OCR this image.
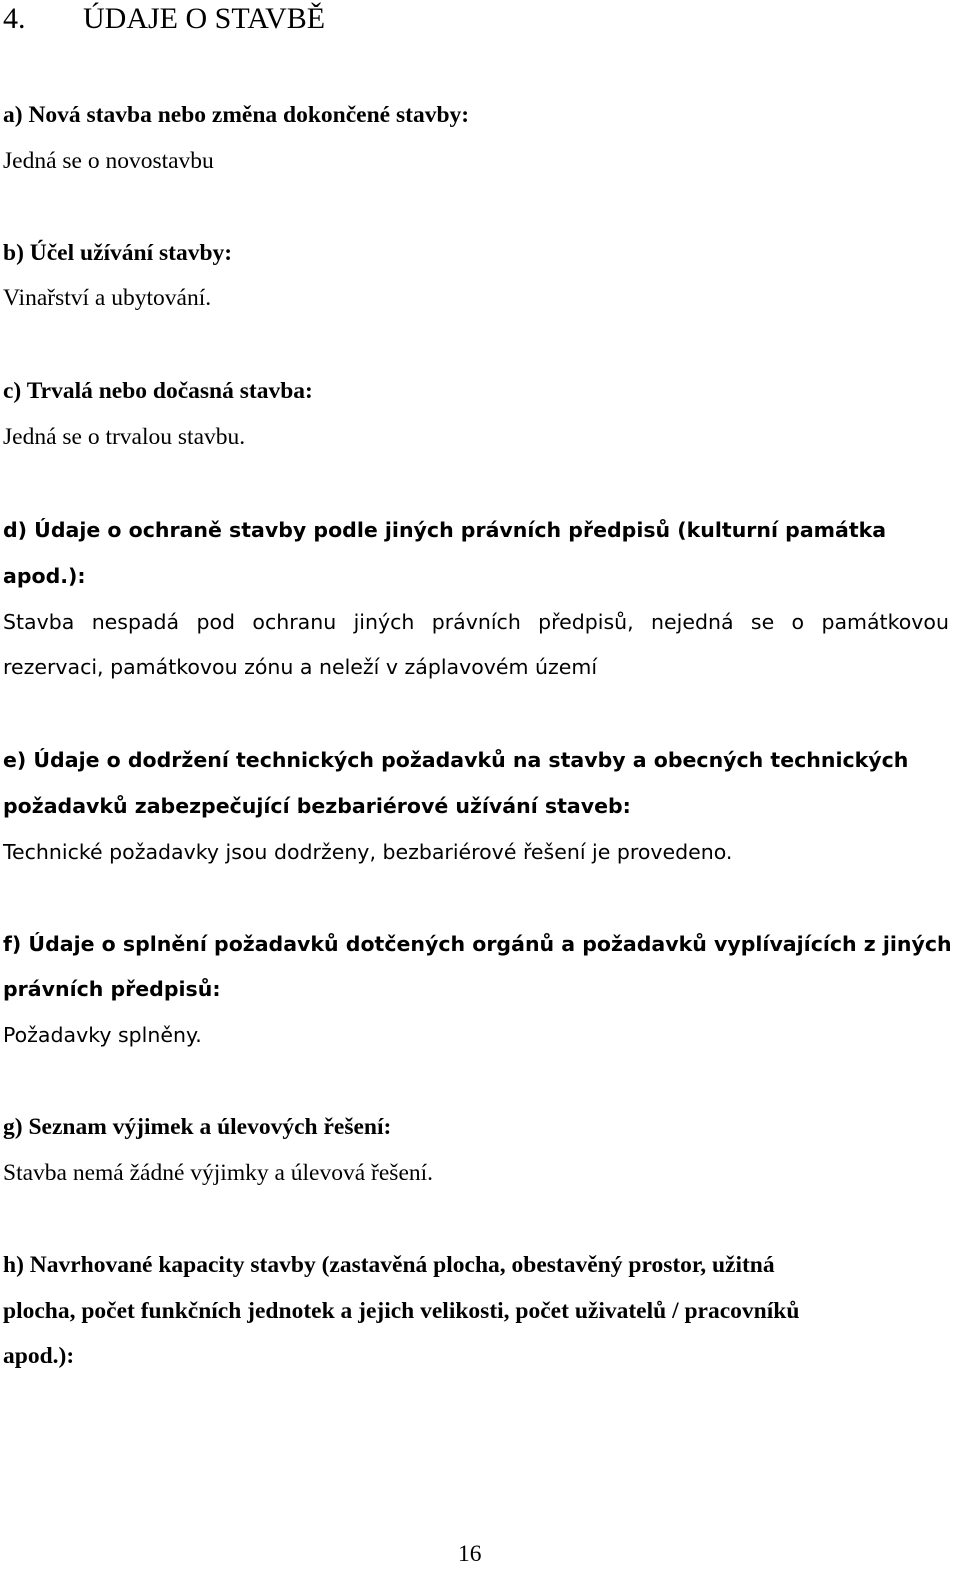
4. ÚDAJE O STAVBĚ

a) Nová stavba nebo změna dokončené stavby:

Jedná se o novostavbu

b) Účel užívání stavby:

Vinařství a ubytování.

c) Trvalá nebo dočasná stavba:

Jedná se o trvalou stavbu.

d) Údaje o ochraně stavby podle jiných právních předpisů (kulturní památka

apod.):

Stavba nespadá pod ochranu jiných právních předpisů, nejedná se o památkovou

rezervaci, památkovou zónu a neleží v záplavovém území

e) Údaje o dodržení technických požadavků na stavby a obecných technických

požadavků zabezpečující bezbariérové užívání staveb:

Technické požadavky jsou dodrženy, bezbariérové řešení je provedeno.

f) Údaje o splnění požadavků dotčených orgánů a požadavků vyplívajících z jiných

právních předpisů:

Požadavky splněny.

g) Seznam výjimek a úlevových řešení:

Stavba nemá žádné výjimky a úlevová řešení.

h) Navrhované kapacity stavby (zastavěná plocha, obestavěný prostor, užitná

plocha, počet funkčních jednotek a jejich velikosti, počet uživatelů / pracovníků

apod.):

16
